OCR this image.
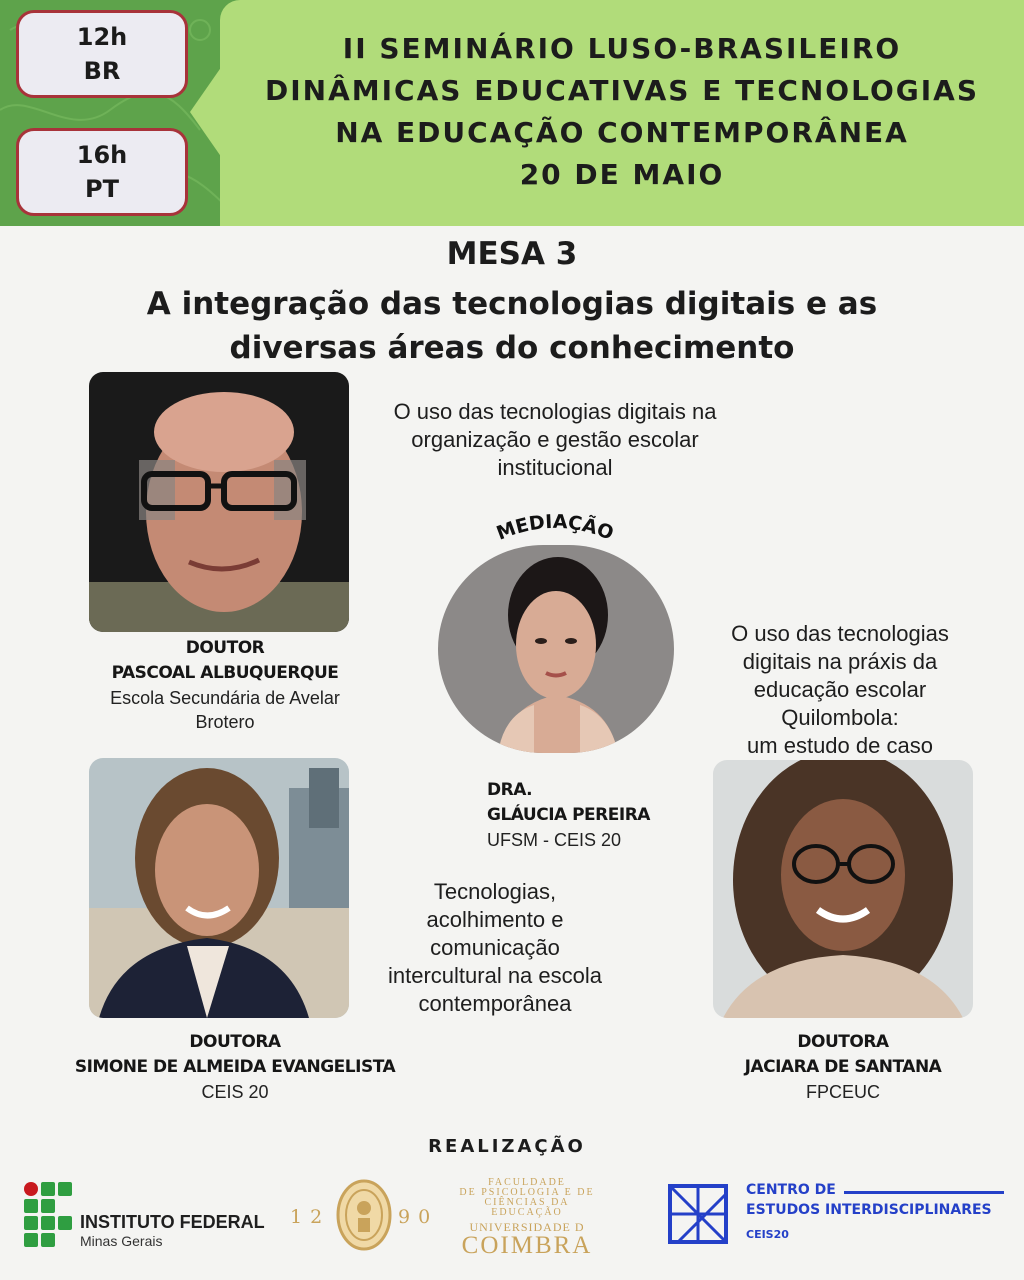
12h
BR
16h
PT
II SEMINÁRIO LUSO-BRASILEIRO
DINÂMICAS EDUCATIVAS E TECNOLOGIAS
NA EDUCAÇÃO CONTEMPORÂNEA
20 DE MAIO
MESA 3
A integração das tecnologias digitais e as
diversas áreas do conhecimento
O uso das tecnologias digitais na
organização e gestão escolar
institucional
MEDIAÇÃO
DOUTOR
PASCOAL ALBUQUERQUE
Escola Secundária de Avelar
Brotero
O uso das tecnologias
digitais na práxis da
educação escolar
Quilombola:
um estudo de caso
DRA.
GLÁUCIA PEREIRA
UFSM - CEIS 20
Tecnologias,
acolhimento e
comunicação
intercultural na escola
contemporânea
DOUTORA
SIMONE DE ALMEIDA EVANGELISTA
CEIS 20
DOUTORA
JACIARA DE SANTANA
FPCEUC
REALIZAÇÃO
INSTITUTO FEDERAL
Minas Gerais
12	90
FACULDADE
DE PSICOLOGIA E DE
CIÊNCIAS DA EDUCAÇÃO
UNIVERSIDADE D
COIMBRA
CENTRO DE
ESTUDOS INTERDISCIPLINARES
CEIS20
